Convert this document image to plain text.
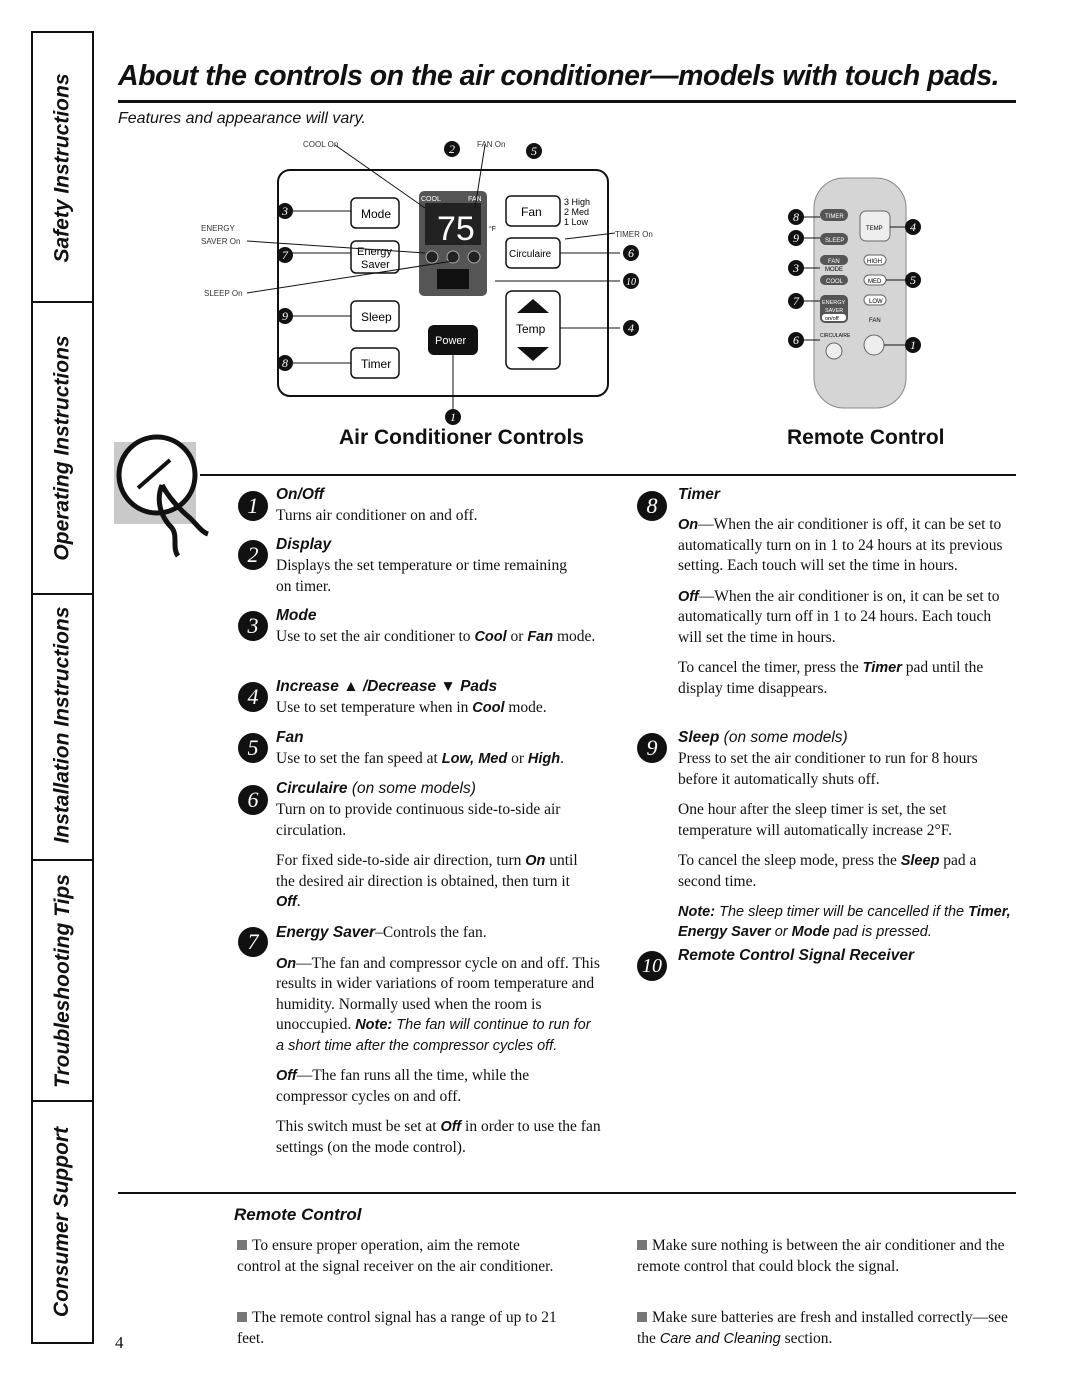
Safety Instructions
Operating Instructions
Installation Instructions
Troubleshooting Tips
Consumer Support
About the controls on the air conditioner—models with touch pads.
Features and appearance will vary.
75
COOL	FAN
°F
Mode
Energy
Saver
Sleep
Timer
Fan
3 High
2 Med
1 Low
Circulaire
Power
Temp
COOL On	FAN On
ENERGY
SAVER On
SLEEP On
TIMER On
2	5
3
7	6
10
9
4
8
1
TIMER
SLEEP
TEMP
FAN
MODE
COOL
HIGH
MED
LOW
ENERGY
SAVER
on/off	FAN
CIRCULAIRE
8
9
3
7
6
4
5
1
Air Conditioner Controls	Remote Control
1	On/Off
Turns air conditioner on and off.
2	Display
Displays the set temperature or time remaining on timer.
3	Mode
Use to set the air conditioner to Cool or Fan mode.
4	Increase ▲ /Decrease ▼ Pads
Use to set temperature when in Cool mode.
5	Fan
Use to set the fan speed at Low, Med or High.
6	Circulaire (on some models)

Turn on to provide continuous side-to-side air circulation.

For fixed side-to-side air direction, turn On until the desired air direction is obtained, then turn it Off.

7	Energy Saver–Controls the fan.

On—The fan and compressor cycle on and off. This results in wider variations of room temperature and humidity. Normally used when the room is unoccupied. Note: The fan will continue to run for a short time after the compressor cycles off.

Off—The fan runs all the time, while the compressor cycles on and off.

This switch must be set at Off in order to use the fan settings (on the mode control).

8	Timer

On—When the air conditioner is off, it can be set to automatically turn on in 1 to 24 hours at its previous setting. Each touch will set the time in hours.

Off—When the air conditioner is on, it can be set to automatically turn off in 1 to 24 hours. Each touch will set the time in hours.

To cancel the timer, press the Timer pad until the display time disappears.

9	Sleep (on some models)

Press to set the air conditioner to run for 8 hours before it automatically shuts off.

One hour after the sleep timer is set, the set temperature will automatically increase 2°F.

To cancel the sleep mode, press the Sleep pad a second time.

Note: The sleep timer will be cancelled if the Timer, Energy Saver or Mode pad is pressed.

10	Remote Control Signal Receiver
Remote Control
To ensure proper operation, aim the remote control at the signal receiver on the air conditioner.
The remote control signal has a range of up to 21 feet.
Make sure nothing is between the air conditioner and the remote control that could block the signal.
Make sure batteries are fresh and installed correctly—see the Care and Cleaning section.
4
